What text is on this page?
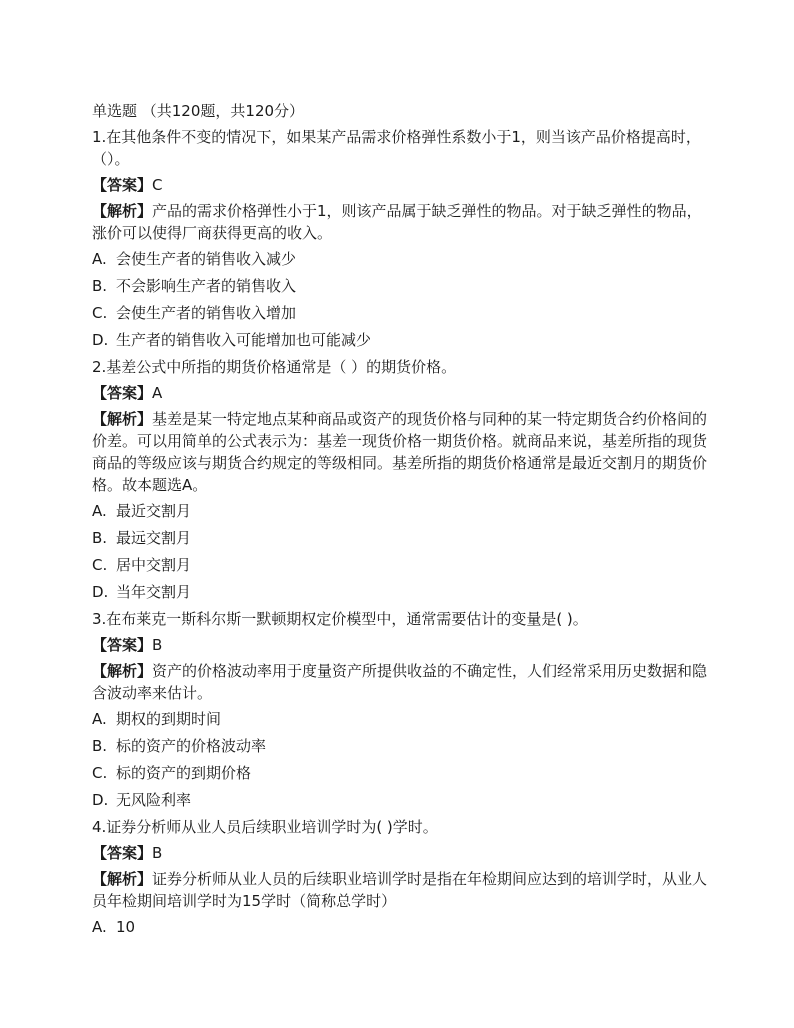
单选题 （共120题，共120分）
1.在其他条件不变的情况下，如果某产品需求价格弹性系数小于1，则当该产品价格提高时，（）。
【答案】C
【解析】产品的需求价格弹性小于1，则该产品属于缺乏弹性的物品。对于缺乏弹性的物品，涨价可以使得厂商获得更高的收入。
A. 会使生产者的销售收入减少
B. 不会影响生产者的销售收入
C. 会使生产者的销售收入增加
D. 生产者的销售收入可能增加也可能减少
2.基差公式中所指的期货价格通常是（ ）的期货价格。
【答案】A
【解析】基差是某一特定地点某种商品或资产的现货价格与同种的某一特定期货合约价格间的价差。可以用简单的公式表示为：基差一现货价格一期货价格。就商品来说，基差所指的现货商品的等级应该与期货合约规定的等级相同。基差所指的期货价格通常是最近交割月的期货价格。故本题选A。
A. 最近交割月
B. 最远交割月
C. 居中交割月
D. 当年交割月
3.在布莱克一斯科尔斯一默顿期权定价模型中，通常需要估计的变量是( )。
【答案】B
【解析】资产的价格波动率用于度量资产所提供收益的不确定性，人们经常采用历史数据和隐含波动率来估计。
A. 期权的到期时间
B. 标的资产的价格波动率
C. 标的资产的到期价格
D. 无风险利率
4.证券分析师从业人员后续职业培训学时为( )学时。
【答案】B
【解析】证券分析师从业人员的后续职业培训学时是指在年检期间应达到的培训学时，从业人员年检期间培训学时为15学时（简称总学时）
A. 10
